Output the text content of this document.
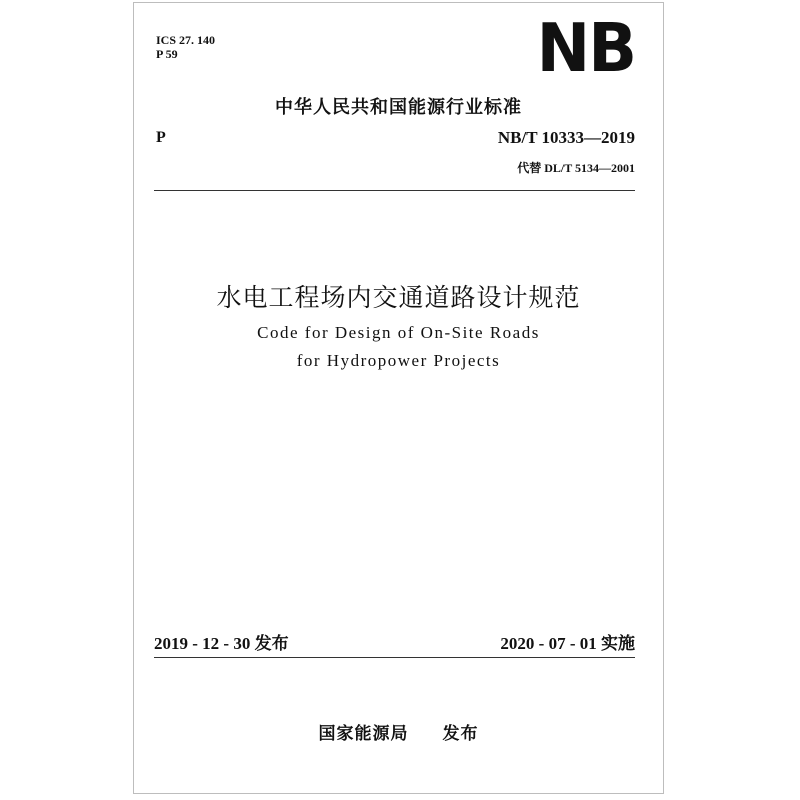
ICS 27. 140
P 59	NB
中华人民共和国能源行业标准
P	NB/T 10333—2019
代替 DL/T 5134—2001
水电工程场内交通道路设计规范
Code for Design of On-Site Roads
for Hydropower Projects
2019 - 12 - 30 发布	2020 - 07 - 01 实施
国家能源局 发布
